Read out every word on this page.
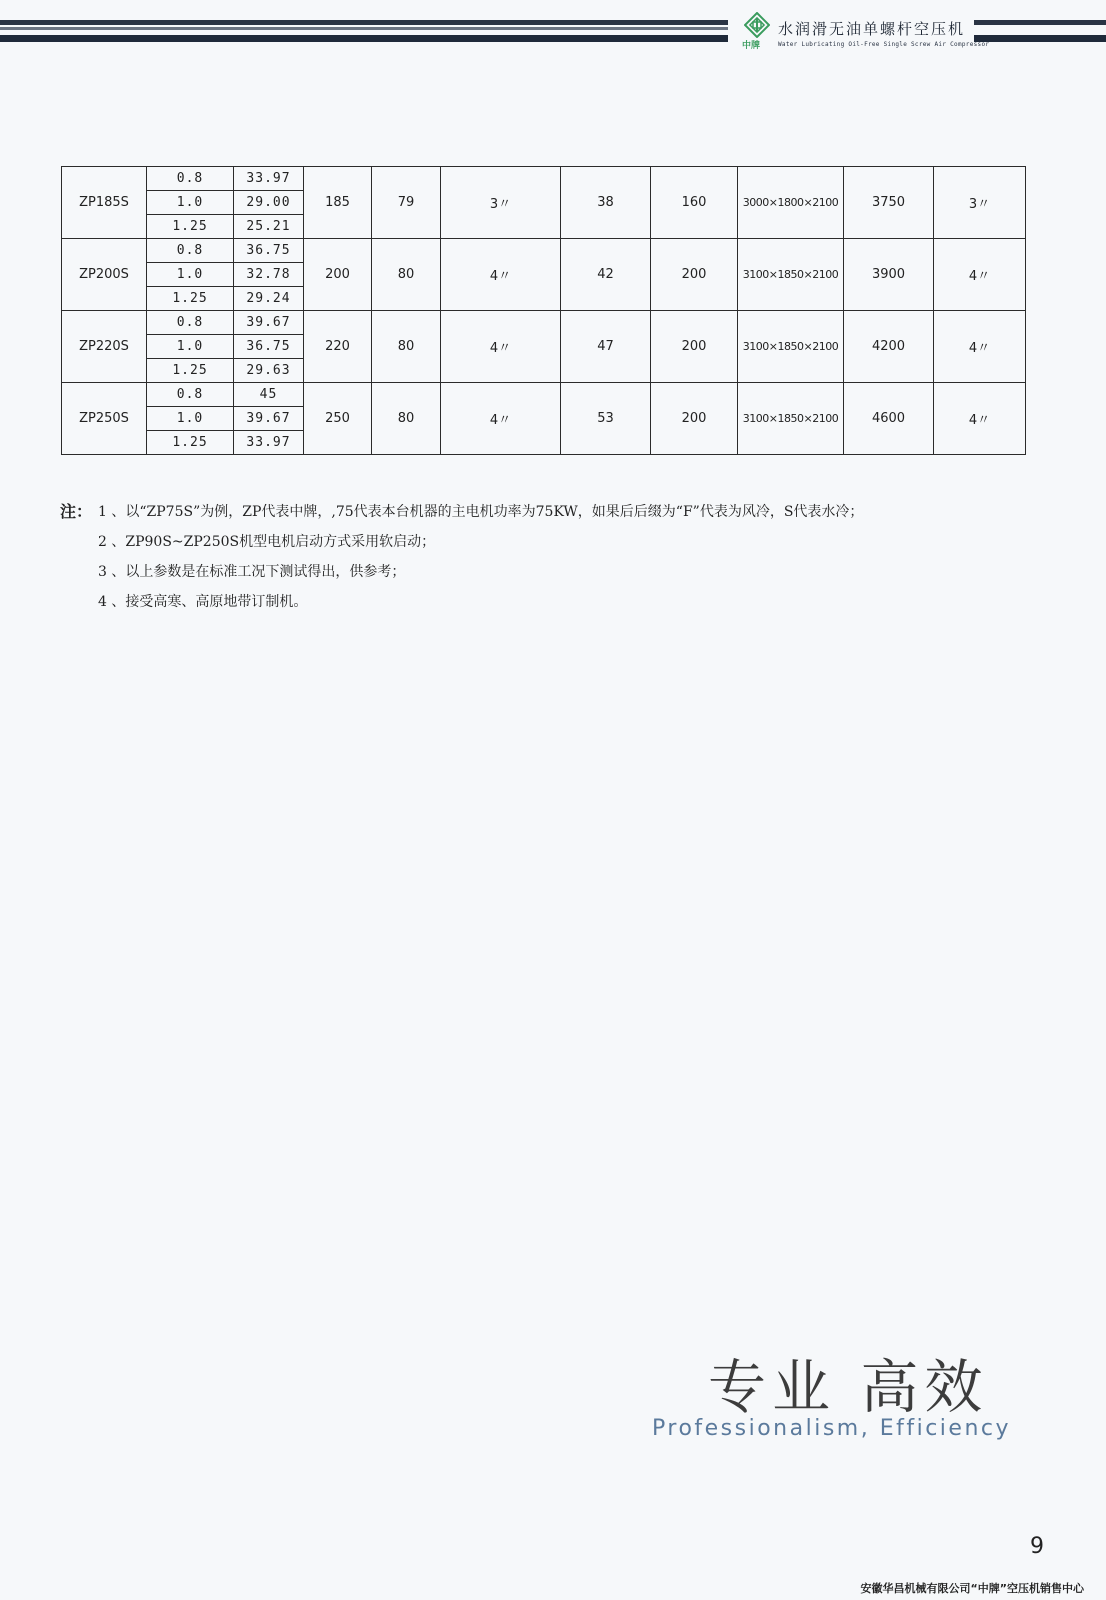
中牌
水润滑无油单螺杆空压机
Water Lubricating Oil-Free Single Screw Air Compressor
ZP185S	0.8	33.97	185	79	3〃	38	160	3000×1800×2100	3750	3〃
	1.0	29.00								
	1.25	25.21								
ZP200S	0.8	36.75	200	80	4〃	42	200	3100×1850×2100	3900	4〃
	1.0	32.78								
	1.25	29.24								
ZP220S	0.8	39.67	220	80	4〃	47	200	3100×1850×2100	4200	4〃
	1.0	36.75								
	1.25	29.63								
ZP250S	0.8	45	250	80	4〃	53	200	3100×1850×2100	4600	4〃
	1.0	39.67								
	1.25	33.97								
注： 1 、以“ZP75S”为例，ZP代表中牌，,75代表本台机器的主电机功率为75KW，如果后后缀为“F”代表为风冷，S代表水冷；
2 、ZP90S~ZP250S机型电机启动方式采用软启动；
3 、以上参数是在标准工况下测试得出，供参考；
4 、接受高寒、高原地带订制机。
专业 高效
Professionalism, Efficiency
9
安徽华昌机械有限公司“中牌”空压机销售中心
